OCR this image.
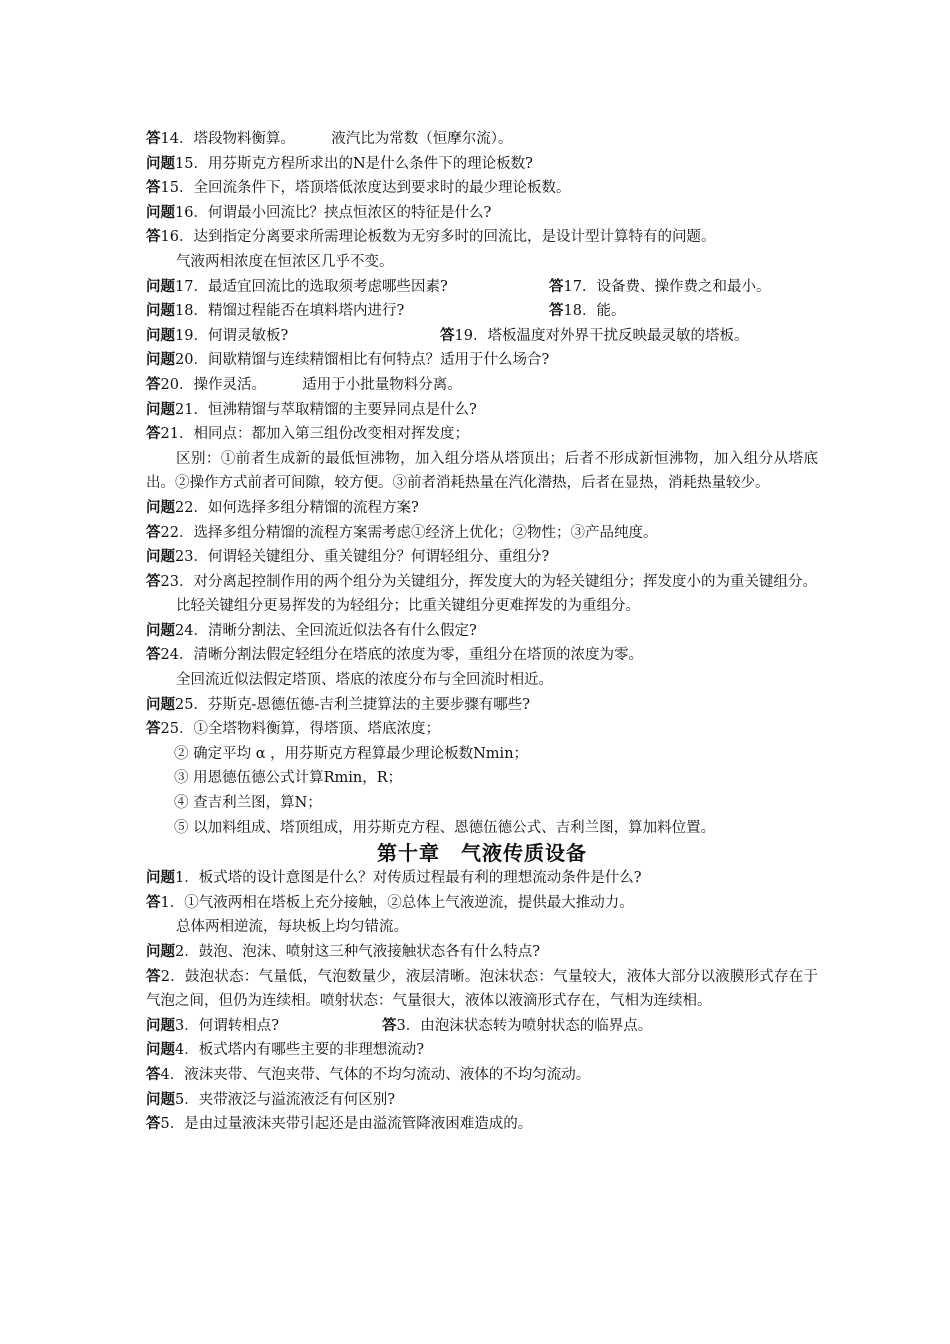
答14．塔段物料衡算。　　　液汽比为常数（恒摩尔流）。
问题15．用芬斯克方程所求出的N是什么条件下的理论板数?
答15．全回流条件下，塔顶塔低浓度达到要求时的最少理论板数。
问题16．何谓最小回流比？挟点恒浓区的特征是什么?
答16．达到指定分离要求所需理论板数为无穷多时的回流比，是设计型计算特有的问题。
气液两相浓度在恒浓区几乎不变。
问题17．最适宜回流比的选取须考虑哪些因素?	答17．设备费、操作费之和最小。
问题18．精馏过程能否在填料塔内进行?	答18．能。
问题19．何谓灵敏板?	答19．塔板温度对外界干扰反映最灵敏的塔板。
问题20．间歇精馏与连续精馏相比有何特点？适用于什么场合?
答20．操作灵活。　　　适用于小批量物料分离。
问题21．恒沸精馏与萃取精馏的主要异同点是什么?
答21．相同点：都加入第三组份改变相对挥发度；
区别：①前者生成新的最低恒沸物，加入组分塔从塔顶出；后者不形成新恒沸物，加入组分从塔底出。②操作方式前者可间隙，较方便。③前者消耗热量在汽化潜热，后者在显热，消耗热量较少。
问题22．如何选择多组分精馏的流程方案?
答22．选择多组分精馏的流程方案需考虑①经济上优化；②物性；③产品纯度。
问题23．何谓轻关键组分、重关键组分？何谓轻组分、重组分?
答23．对分离起控制作用的两个组分为关键组分，挥发度大的为轻关键组分；挥发度小的为重关键组分。
比轻关键组分更易挥发的为轻组分；比重关键组分更难挥发的为重组分。
问题24．清晰分割法、全回流近似法各有什么假定?
答24．清晰分割法假定轻组分在塔底的浓度为零，重组分在塔顶的浓度为零。
全回流近似法假定塔顶、塔底的浓度分布与全回流时相近。
问题25．芬斯克-恩德伍德-吉利兰捷算法的主要步骤有哪些?
答25．①全塔物料衡算，得塔顶、塔底浓度；
② 确定平均 α ，用芬斯克方程算最少理论板数Nmin；
③ 用恩德伍德公式计算Rmin，R；
④ 查吉利兰图，算N；
⑤ 以加料组成、塔顶组成，用芬斯克方程、恩德伍德公式、吉利兰图，算加料位置。
第十章　气液传质设备
问题1．板式塔的设计意图是什么？对传质过程最有利的理想流动条件是什么?
答1．①气液两相在塔板上充分接触，②总体上气液逆流，提供最大推动力。
总体两相逆流，每块板上均匀错流。
问题2．鼓泡、泡沫、喷射这三种气液接触状态各有什么特点?
答2．鼓泡状态：气量低，气泡数量少，液层清晰。泡沫状态：气量较大，液体大部分以液膜形式存在于气泡之间，但仍为连续相。喷射状态：气量很大，液体以液滴形式存在，气相为连续相。
问题3．何谓转相点?	答3．由泡沫状态转为喷射状态的临界点。
问题4．板式塔内有哪些主要的非理想流动?
答4．液沫夹带、气泡夹带、气体的不均匀流动、液体的不均匀流动。
问题5．夹带液泛与溢流液泛有何区别?
答5．是由过量液沫夹带引起还是由溢流管降液困难造成的。
